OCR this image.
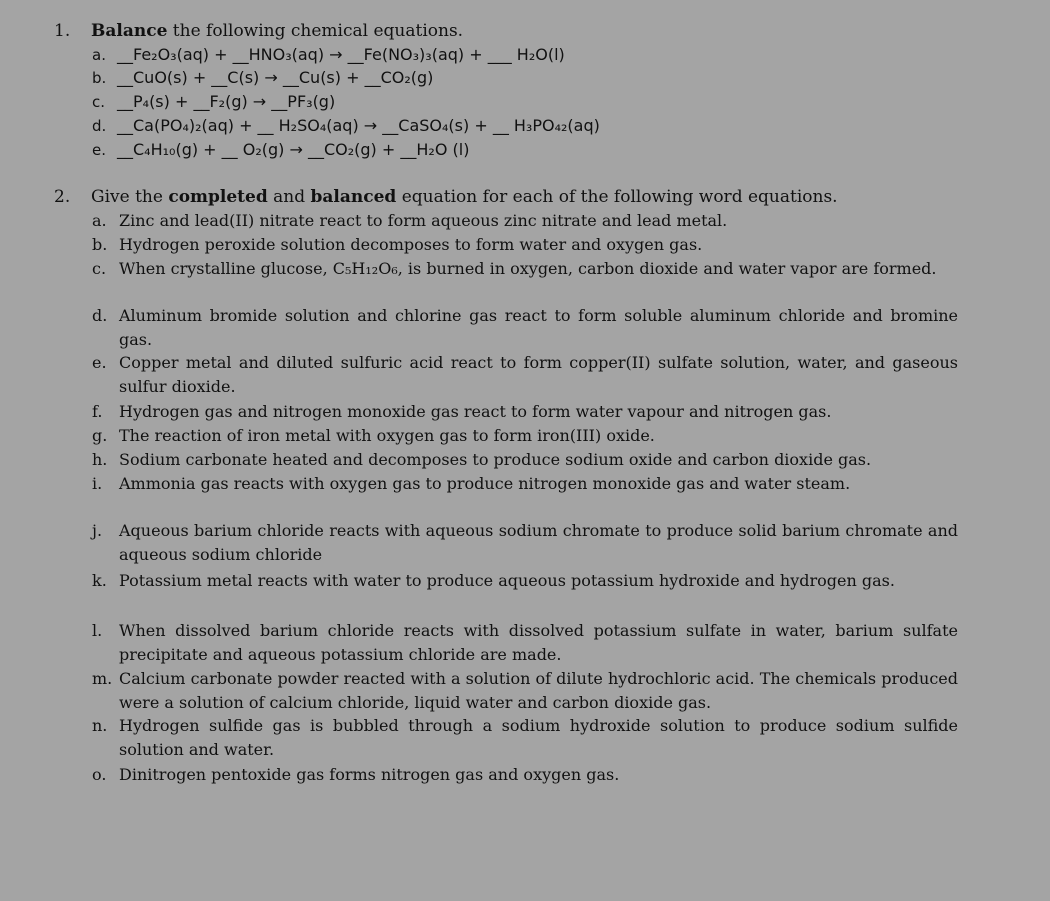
1. Balance the following chemical equations.
a. __Fe₂O₃(aq) + __HNO₃(aq) → __Fe(NO₃)₃(aq) + ___ H₂O(l)
b. __CuO(s) + __C(s) → __Cu(s) + __CO₂(g)
c. __P₄(s) + __F₂(g) → __PF₃(g)
d. __Ca(PO₄)₂(aq) + __ H₂SO₄(aq) → __CaSO₄(s) + __ H₃PO₄₂(aq)
e. __C₄H₁₀(g) + __ O₂(g) → __CO₂(g) + __H₂O (l)
2. Give the completed and balanced equation for each of the following word equations.
a. Zinc and lead(II) nitrate react to form aqueous zinc nitrate and lead metal.
b. Hydrogen peroxide solution decomposes to form water and oxygen gas.
c. When crystalline glucose, C₅H₁₂O₆, is burned in oxygen, carbon dioxide and water vapor are formed.
d. Aluminum bromide solution and chlorine gas react to form soluble aluminum chloride and bromine gas.
e. Copper metal and diluted sulfuric acid react to form copper(II) sulfate solution, water, and gaseous sulfur dioxide.
f. Hydrogen gas and nitrogen monoxide gas react to form water vapour and nitrogen gas.
g. The reaction of iron metal with oxygen gas to form iron(III) oxide.
h. Sodium carbonate heated and decomposes to produce sodium oxide and carbon dioxide gas.
i. Ammonia gas reacts with oxygen gas to produce nitrogen monoxide gas and water steam.
j. Aqueous barium chloride reacts with aqueous sodium chromate to produce solid barium chromate and aqueous sodium chloride
k. Potassium metal reacts with water to produce aqueous potassium hydroxide and hydrogen gas.
l. When dissolved barium chloride reacts with dissolved potassium sulfate in water, barium sulfate precipitate and aqueous potassium chloride are made.
m. Calcium carbonate powder reacted with a solution of dilute hydrochloric acid. The chemicals produced were a solution of calcium chloride, liquid water and carbon dioxide gas.
n. Hydrogen sulfide gas is bubbled through a sodium hydroxide solution to produce sodium sulfide solution and water.
o. Dinitrogen pentoxide gas forms nitrogen gas and oxygen gas.
